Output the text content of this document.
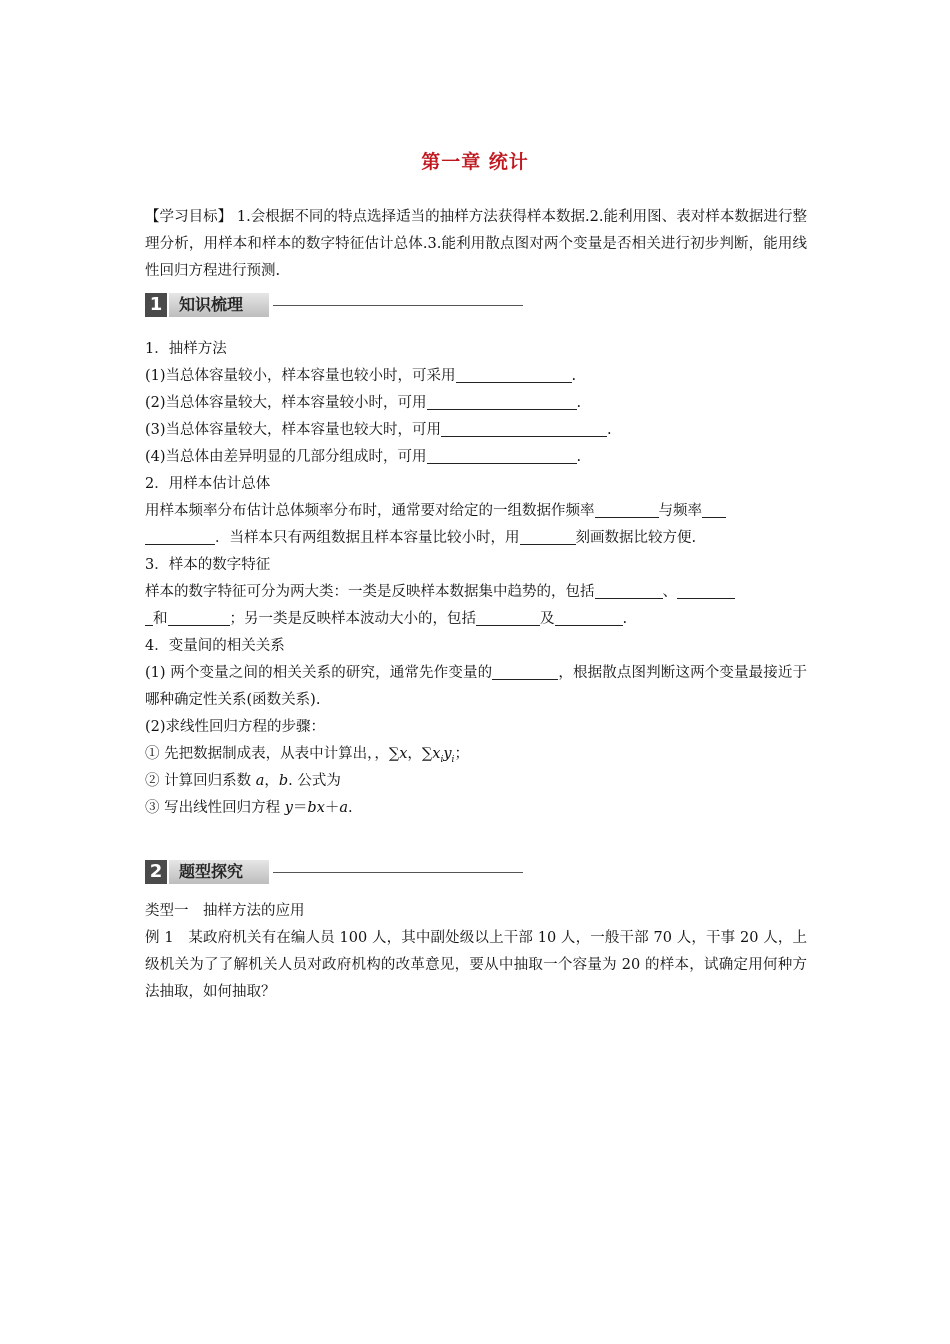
第一章 统计
【学习目标】 1.会根据不同的特点选择适当的抽样方法获得样本数据.2.能利用图、表对样本数据进行整理分析，用样本和样本的数字特征估计总体.3.能利用散点图对两个变量是否相关进行初步判断，能用线性回归方程进行预测.
1 知识梳理
1．抽样方法
(1)当总体容量较小，样本容量也较小时，可采用	.
(2)当总体容量较大，样本容量较小时，可用	.
(3)当总体容量较大，样本容量也较大时，可用	.
(4)当总体由差异明显的几部分组成时，可用	.
2．用样本估计总体
用样本频率分布估计总体频率分布时，通常要对给定的一组数据作频率	与频率
．当样本只有两组数据且样本容量比较小时，用	刻画数据比较方便.
3．样本的数字特征
样本的数字特征可分为两大类：一类是反映样本数据集中趋势的，包括	、
和	；另一类是反映样本波动大小的，包括	及	.
4．变量间的相关关系
(1) 两个变量之间的相关关系的研究，通常先作变量的	，根据散点图判断这两个变量最接近于哪种确定性关系(函数关系).
(2)求线性回归方程的步骤：
① 先把数据制成表，从表中计算出，，∑x，$\sum x_iy_i$；
② 计算回归系数 a，b. 公式为
③ 写出线性回归方程 y＝bx＋a.
2 题型探究
类型一　抽样方法的应用
例 1　某政府机关有在编人员 100 人，其中副处级以上干部 10 人，一般干部 70 人，干事 20 人，上级机关为了了解机关人员对政府机构的改革意见，要从中抽取一个容量为 20 的样本，试确定用何种方法抽取，如何抽取？
